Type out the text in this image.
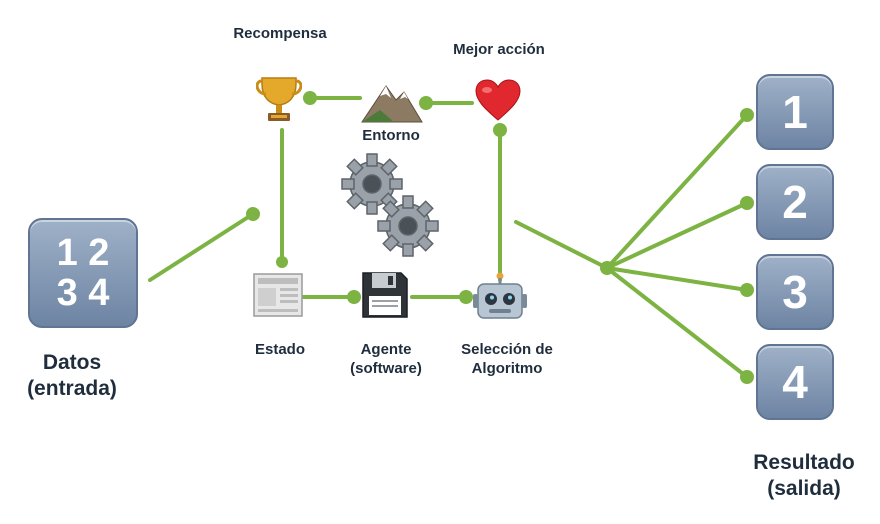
1 2
3 4
Datos
(entrada)
Recompensa
Entorno
Mejor acción
Estado	Agente
(software)
Selección de
Algoritmo
1
2
3
4
Resultado
(salida)
